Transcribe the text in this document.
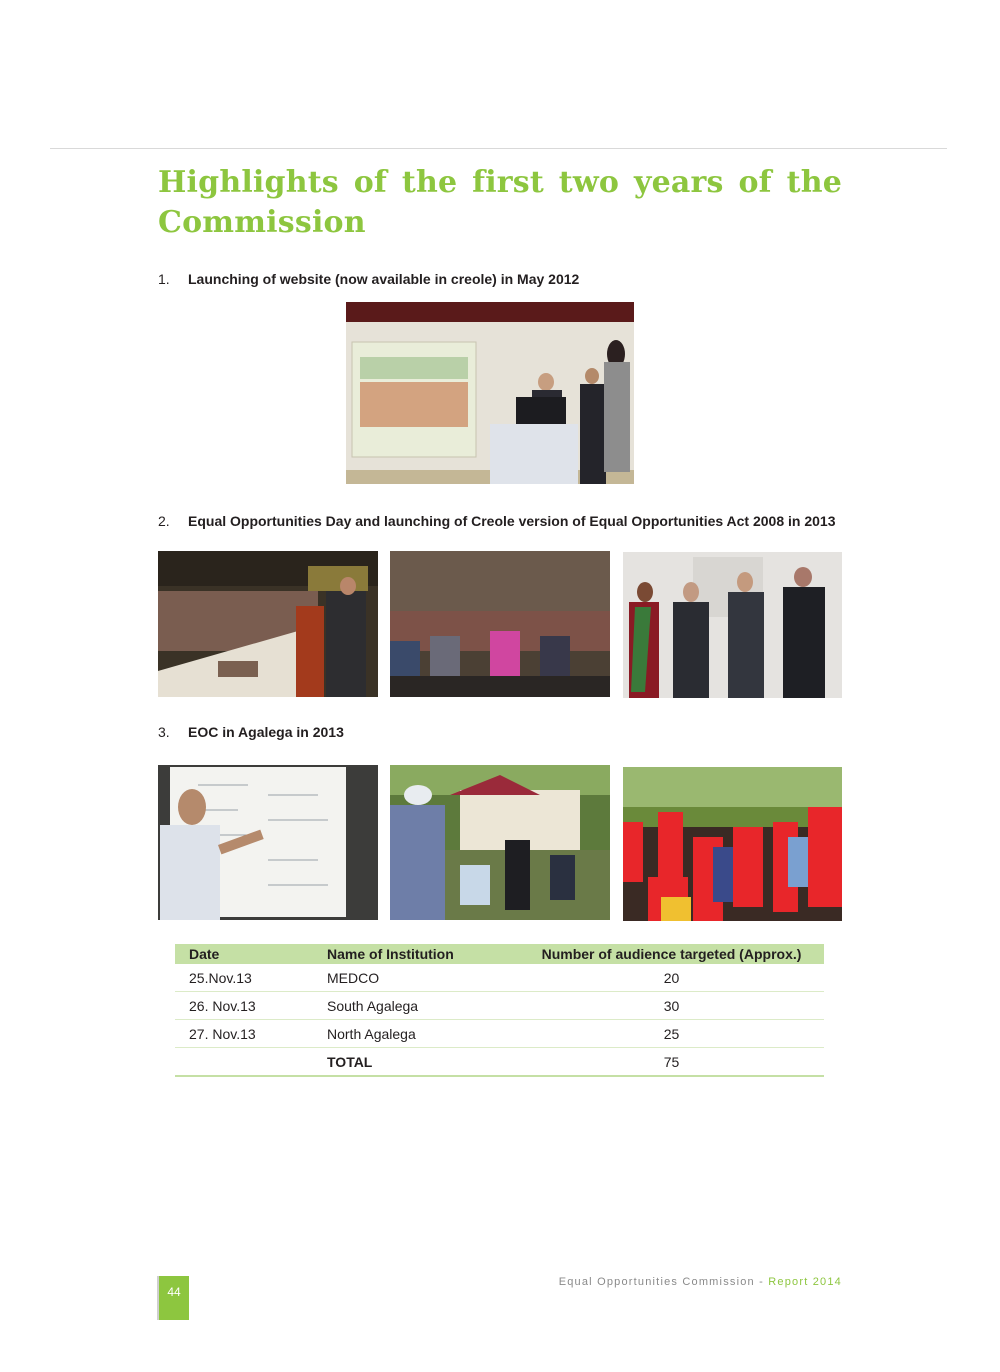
Highlights of the first two years of the Commission
1.	Launching of website (now available in creole) in May 2012
2.	Equal Opportunities Day and launching of Creole version of Equal Opportunities Act 2008 in 2013
3.	EOC in Agalega in 2013
Date	Name of Institution	Number of audience targeted (Approx.)
25.Nov.13	MEDCO	20
26. Nov.13	South Agalega	30
27. Nov.13	North Agalega	25
	TOTAL	75
44
Equal Opportunities Commission - Report 2014
